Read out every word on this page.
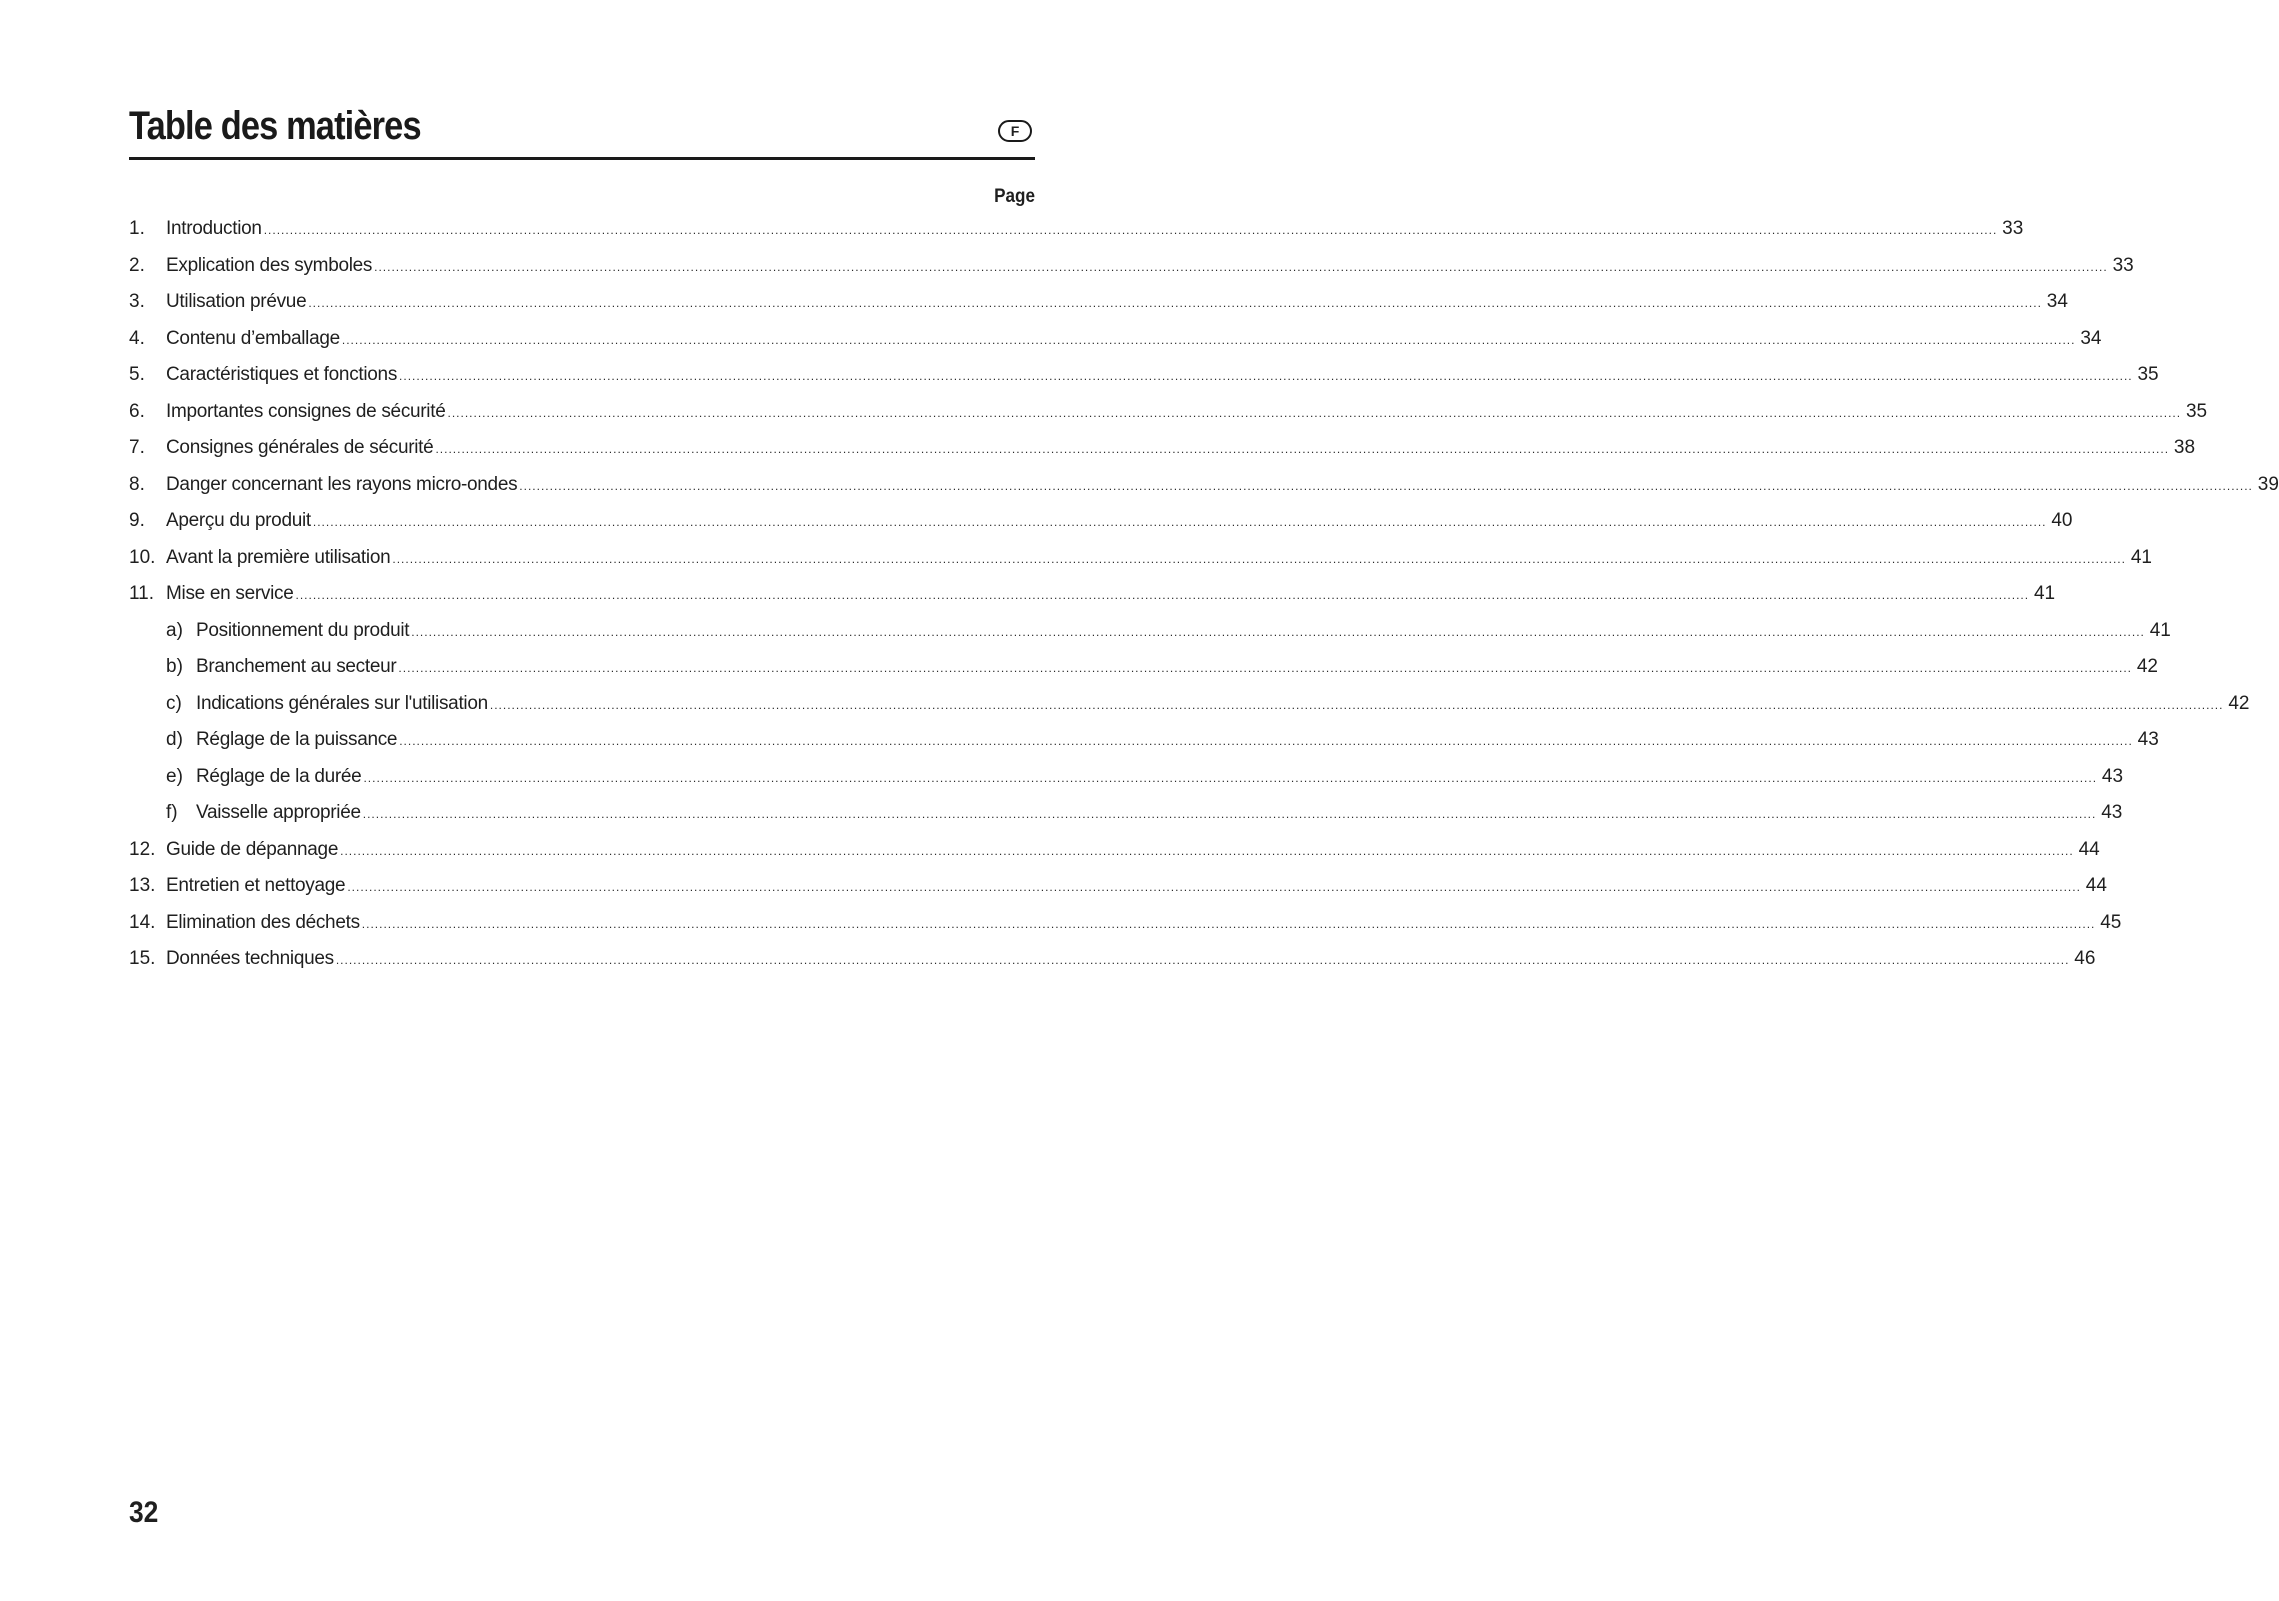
Table des matières	F
Page
1.	Introduction ................................................................................................................................................................................................................................................................................................................................................................................................................ 33
2.	Explication des symboles ................................................................................................................................................................................................................................................................................................................................................................................................................ 33
3.	Utilisation prévue ................................................................................................................................................................................................................................................................................................................................................................................................................ 34
4.	Contenu d’emballage ................................................................................................................................................................................................................................................................................................................................................................................................................ 34
5.	Caractéristiques et fonctions ................................................................................................................................................................................................................................................................................................................................................................................................................ 35
6.	Importantes consignes de sécurité ................................................................................................................................................................................................................................................................................................................................................................................................................ 35
7.	Consignes générales de sécurité ................................................................................................................................................................................................................................................................................................................................................................................................................ 38
8.	Danger concernant les rayons micro-ondes ................................................................................................................................................................................................................................................................................................................................................................................................................ 39
9.	Aperçu du produit ................................................................................................................................................................................................................................................................................................................................................................................................................ 40
10. Avant la première utilisation ................................................................................................................................................................................................................................................................................................................................................................................................................ 41
11. Mise en service ................................................................................................................................................................................................................................................................................................................................................................................................................ 41
a) Positionnement du produit ................................................................................................................................................................................................................................................................................................................................................................................................................ 41
b) Branchement au secteur ................................................................................................................................................................................................................................................................................................................................................................................................................ 42
c) Indications générales sur l'utilisation ................................................................................................................................................................................................................................................................................................................................................................................................................ 42
d) Réglage de la puissance ................................................................................................................................................................................................................................................................................................................................................................................................................ 43
e) Réglage de la durée ................................................................................................................................................................................................................................................................................................................................................................................................................ 43
f) Vaisselle appropriée ................................................................................................................................................................................................................................................................................................................................................................................................................ 43
12. Guide de dépannage ................................................................................................................................................................................................................................................................................................................................................................................................................ 44
13. Entretien et nettoyage ................................................................................................................................................................................................................................................................................................................................................................................................................ 44
14. Elimination des déchets ................................................................................................................................................................................................................................................................................................................................................................................................................ 45
15. Données techniques ................................................................................................................................................................................................................................................................................................................................................................................................................ 46
32
